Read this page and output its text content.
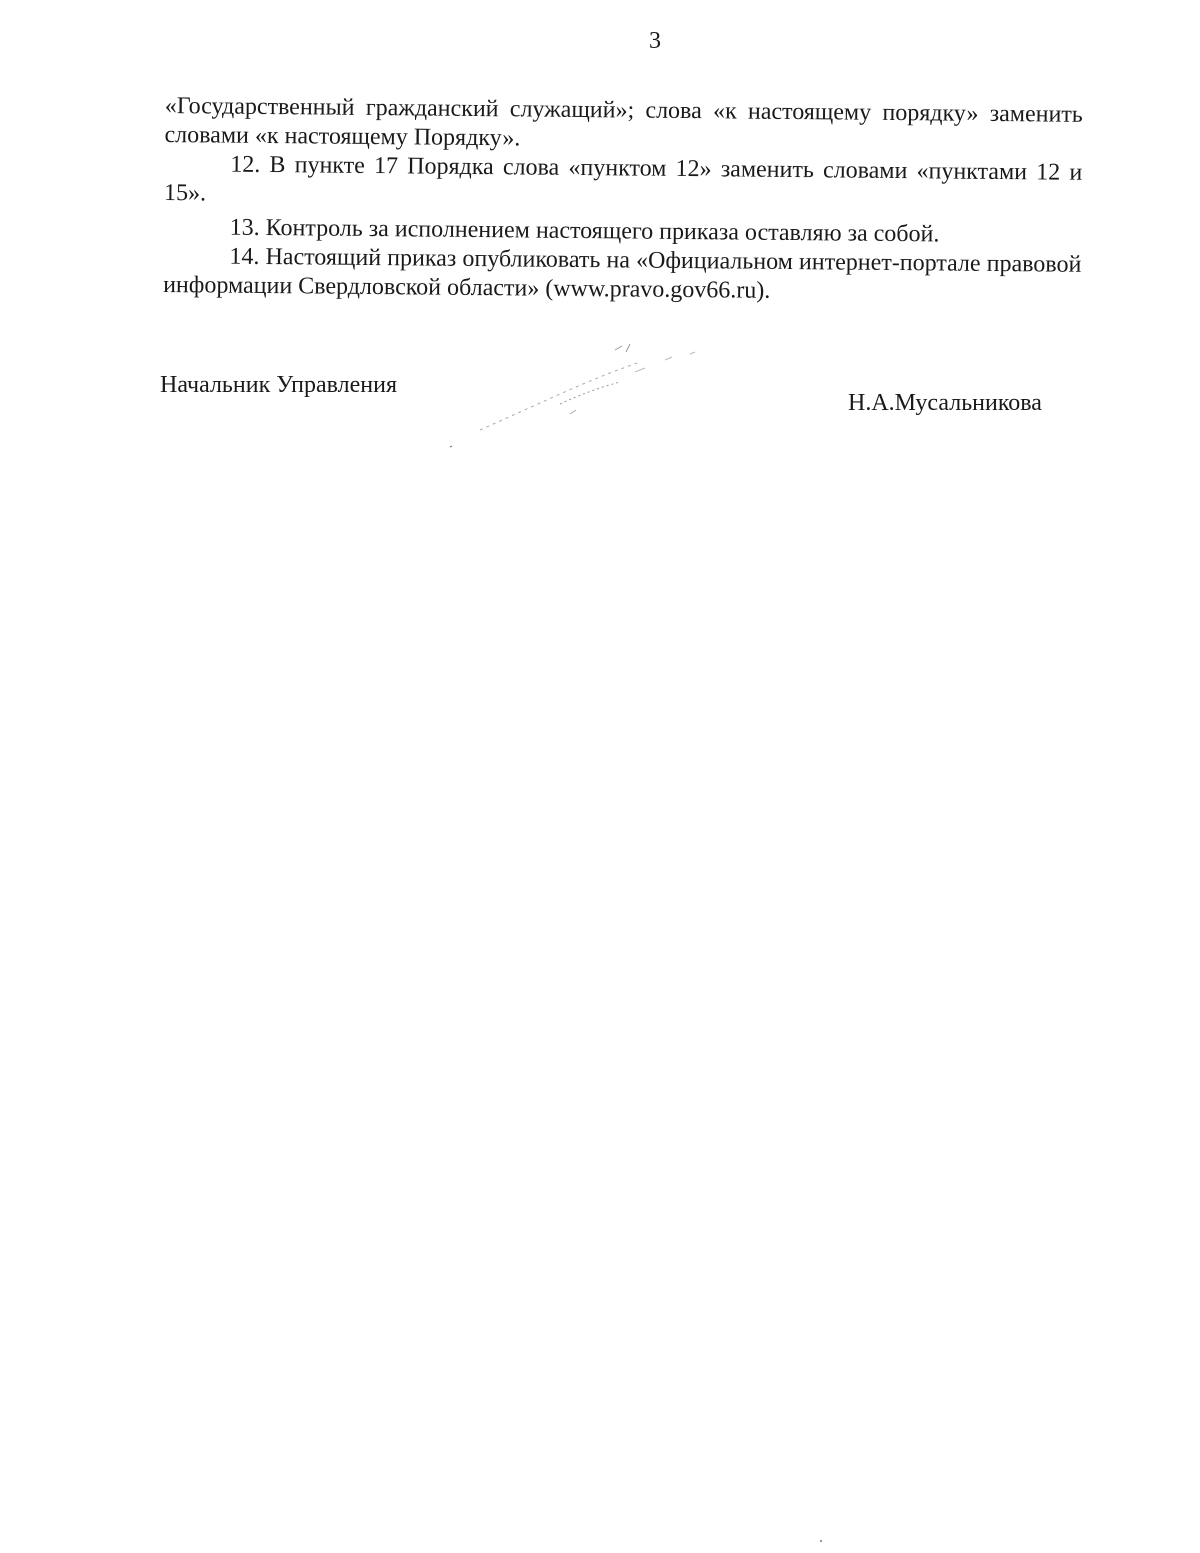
3

«Государственный гражданский служащий»; слова «к настоящему порядку» заменить словами «к настоящему Порядку».

12. В пункте 17 Порядка слова «пунктом 12» заменить словами «пунктами 12 и 15».

13. Контроль за исполнением настоящего приказа оставляю за собой.

14. Настоящий приказ опубликовать на «Официальном интернет-портале правовой информации Свердловской области» (www.pravo.gov66.ru).

Начальник Управления
Н.А.Мусальникова
